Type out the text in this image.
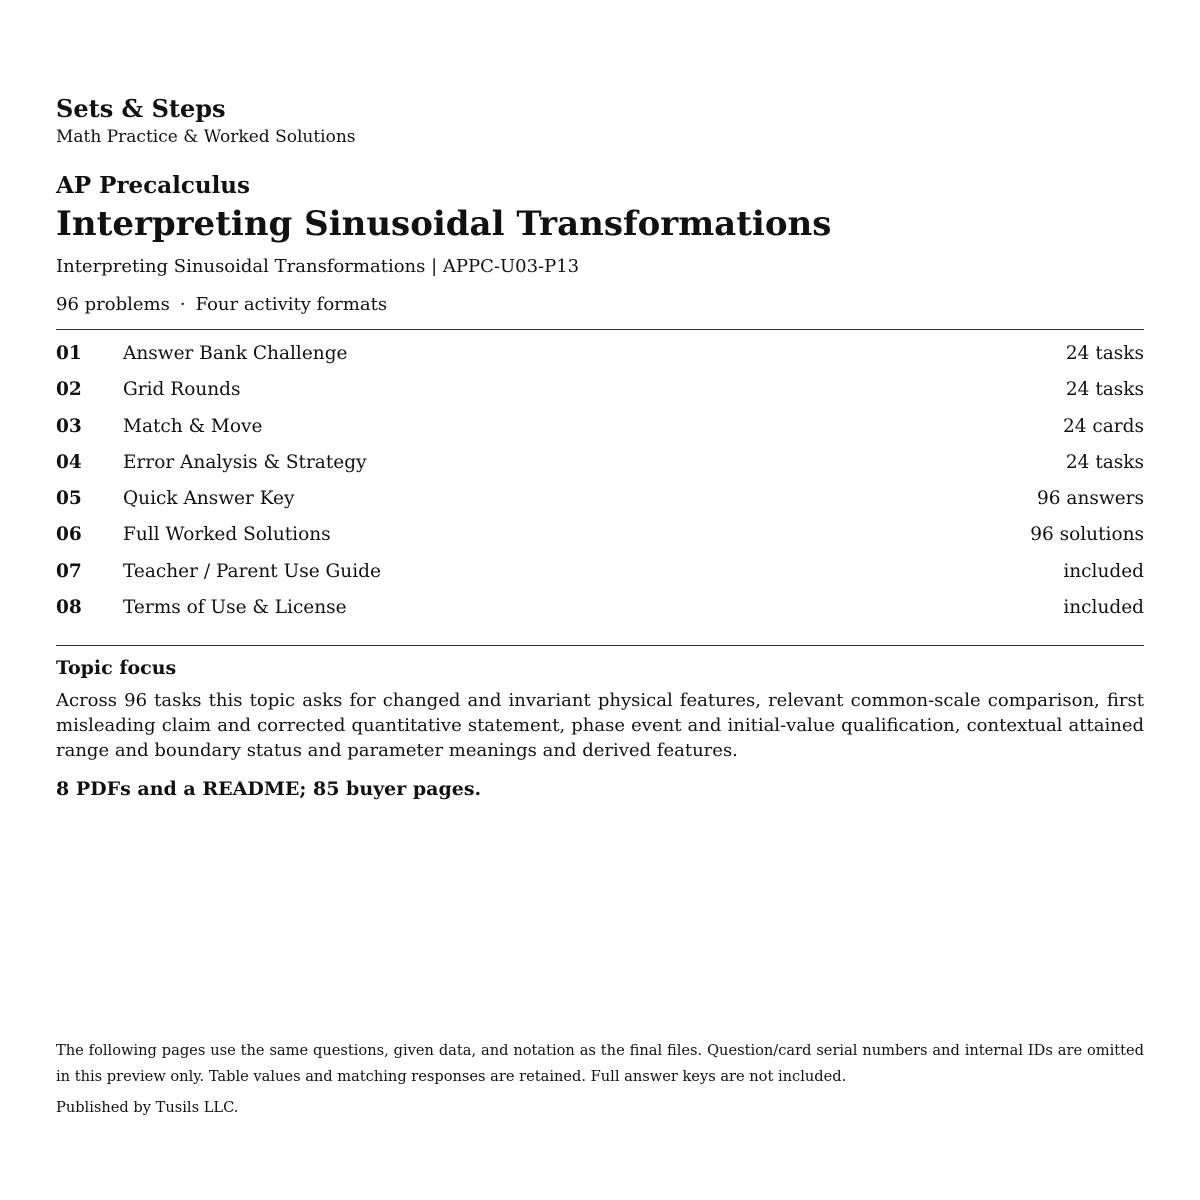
Sets & Steps
Math Practice & Worked Solutions
AP Precalculus
Interpreting Sinusoidal Transformations
Interpreting Sinusoidal Transformations | APPC-U03-P13
96 problems · Four activity formats
01 Answer Bank Challenge	24 tasks
02 Grid Rounds	24 tasks
03 Match & Move	24 cards
04 Error Analysis & Strategy	24 tasks
05 Quick Answer Key	96 answers
06 Full Worked Solutions	96 solutions
07 Teacher / Parent Use Guide	included
08 Terms of Use & License	included
Topic focus
Across 96 tasks this topic asks for changed and invariant physical features, relevant common-scale comparison, first misleading claim and corrected quantitative statement, phase event and initial-value qualification, contextual attained range and boundary status and parameter meanings and derived features.
8 PDFs and a README; 85 buyer pages.
The following pages use the same questions, given data, and notation as the final files. Question/card serial numbers and internal IDs are omitted in this preview only. Table values and matching responses are retained. Full answer keys are not included.
Published by Tusils LLC.
